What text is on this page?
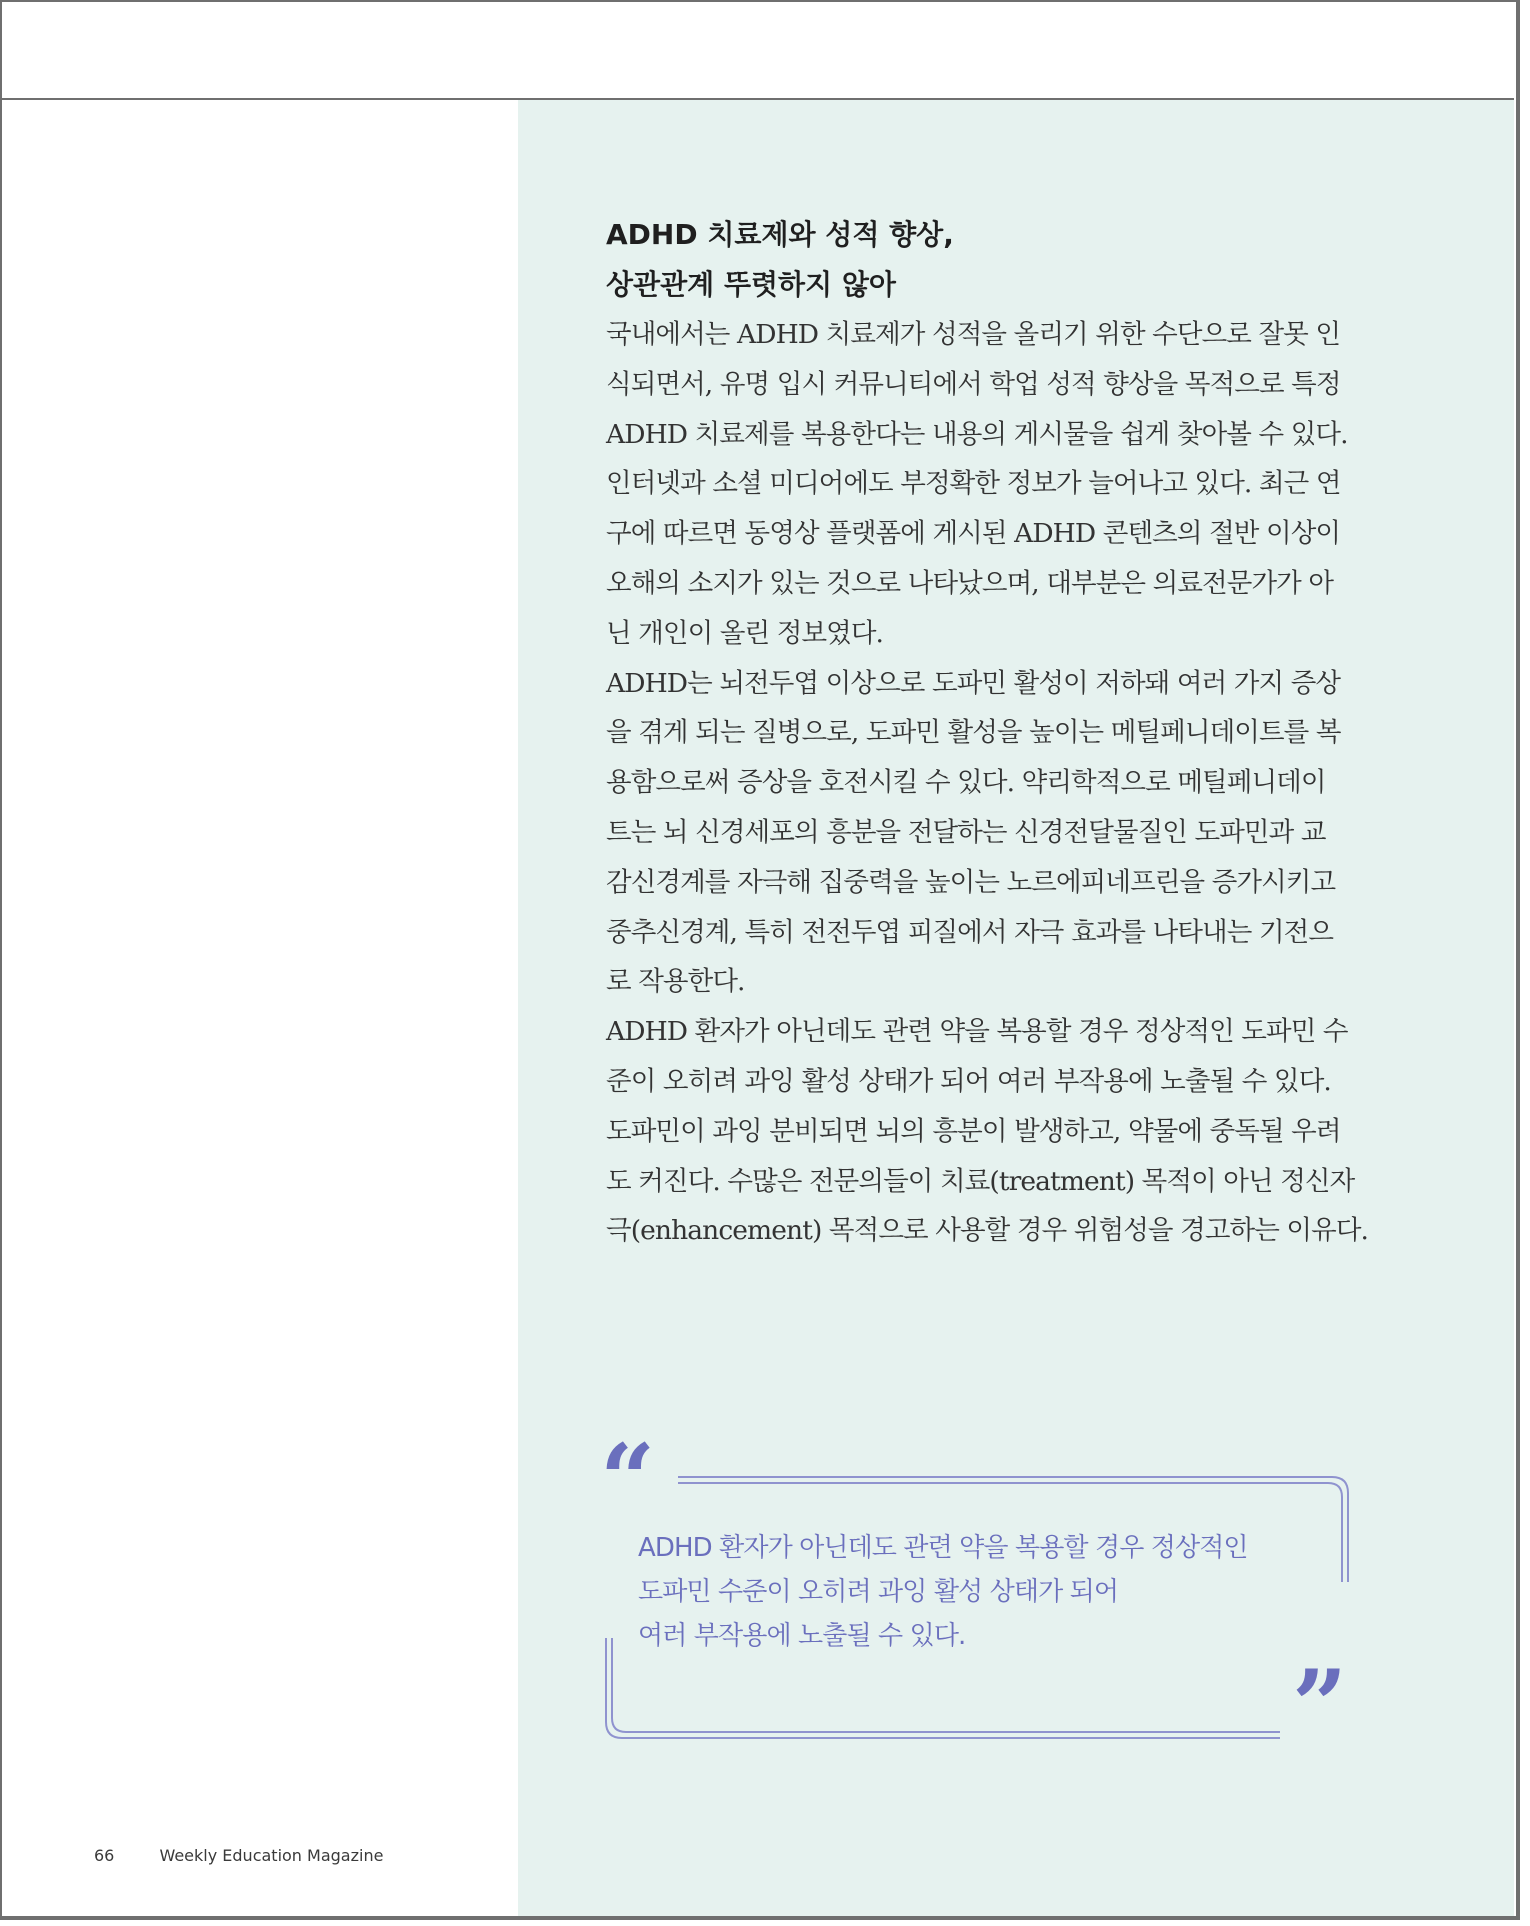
ADHD 치료제와 성적 향상,
상관관계 뚜렷하지 않아

국내에서는 ADHD 치료제가 성적을 올리기 위한 수단으로 잘못 인
식되면서, 유명 입시 커뮤니티에서 학업 성적 향상을 목적으로 특정
ADHD 치료제를 복용한다는 내용의 게시물을 쉽게 찾아볼 수 있다.
인터넷과 소셜 미디어에도 부정확한 정보가 늘어나고 있다. 최근 연
구에 따르면 동영상 플랫폼에 게시된 ADHD 콘텐츠의 절반 이상이
오해의 소지가 있는 것으로 나타났으며, 대부분은 의료전문가가 아
닌 개인이 올린 정보였다.

ADHD는 뇌전두엽 이상으로 도파민 활성이 저하돼 여러 가지 증상
을 겪게 되는 질병으로, 도파민 활성을 높이는 메틸페니데이트를 복
용함으로써 증상을 호전시킬 수 있다. 약리학적으로 메틸페니데이
트는 뇌 신경세포의 흥분을 전달하는 신경전달물질인 도파민과 교
감신경계를 자극해 집중력을 높이는 노르에피네프린을 증가시키고
중추신경계, 특히 전전두엽 피질에서 자극 효과를 나타내는 기전으
로 작용한다.

ADHD 환자가 아닌데도 관련 약을 복용할 경우 정상적인 도파민 수
준이 오히려 과잉 활성 상태가 되어 여러 부작용에 노출될 수 있다.
도파민이 과잉 분비되면 뇌의 흥분이 발생하고, 약물에 중독될 우려
도 커진다. 수많은 전문의들이 치료(treatment) 목적이 아닌 정신자
극(enhancement) 목적으로 사용할 경우 위험성을 경고하는 이유다.

“
ADHD 환자가 아닌데도 관련 약을 복용할 경우 정상적인
도파민 수준이 오히려 과잉 활성 상태가 되어
여러 부작용에 노출될 수 있다.
”
66	Weekly Education Magazine
